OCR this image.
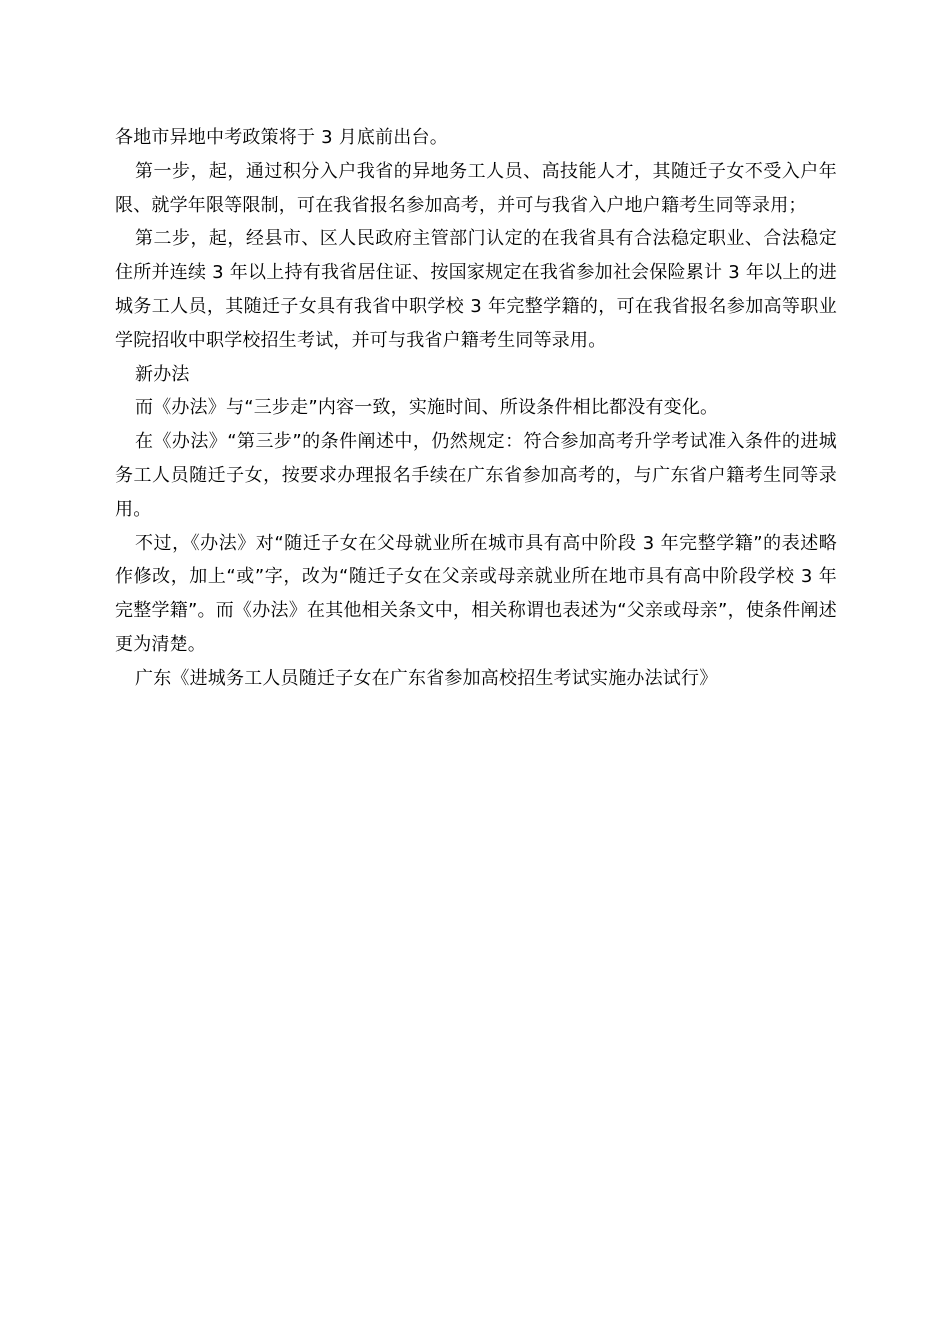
各地市异地中考政策将于 3 月底前出台。

第一步，起，通过积分入户我省的异地务工人员、高技能人才，其随迁子女不受入户年限、就学年限等限制，可在我省报名参加高考，并可与我省入户地户籍考生同等录用；

第二步，起，经县市、区人民政府主管部门认定的在我省具有合法稳定职业、合法稳定住所并连续 3 年以上持有我省居住证、按国家规定在我省参加社会保险累计 3 年以上的进城务工人员，其随迁子女具有我省中职学校 3 年完整学籍的，可在我省报名参加高等职业学院招收中职学校招生考试，并可与我省户籍考生同等录用。

新办法

而《办法》与“三步走”内容一致，实施时间、所设条件相比都没有变化。

在《办法》“第三步”的条件阐述中，仍然规定：符合参加高考升学考试准入条件的进城务工人员随迁子女，按要求办理报名手续在广东省参加高考的，与广东省户籍考生同等录用。

不过，《办法》对“随迁子女在父母就业所在城市具有高中阶段 3 年完整学籍”的表述略作修改，加上“或”字，改为“随迁子女在父亲或母亲就业所在地市具有高中阶段学校 3 年完整学籍”。而《办法》在其他相关条文中，相关称谓也表述为“父亲或母亲”，使条件阐述更为清楚。

广东《进城务工人员随迁子女在广东省参加高校招生考试实施办法试行》
